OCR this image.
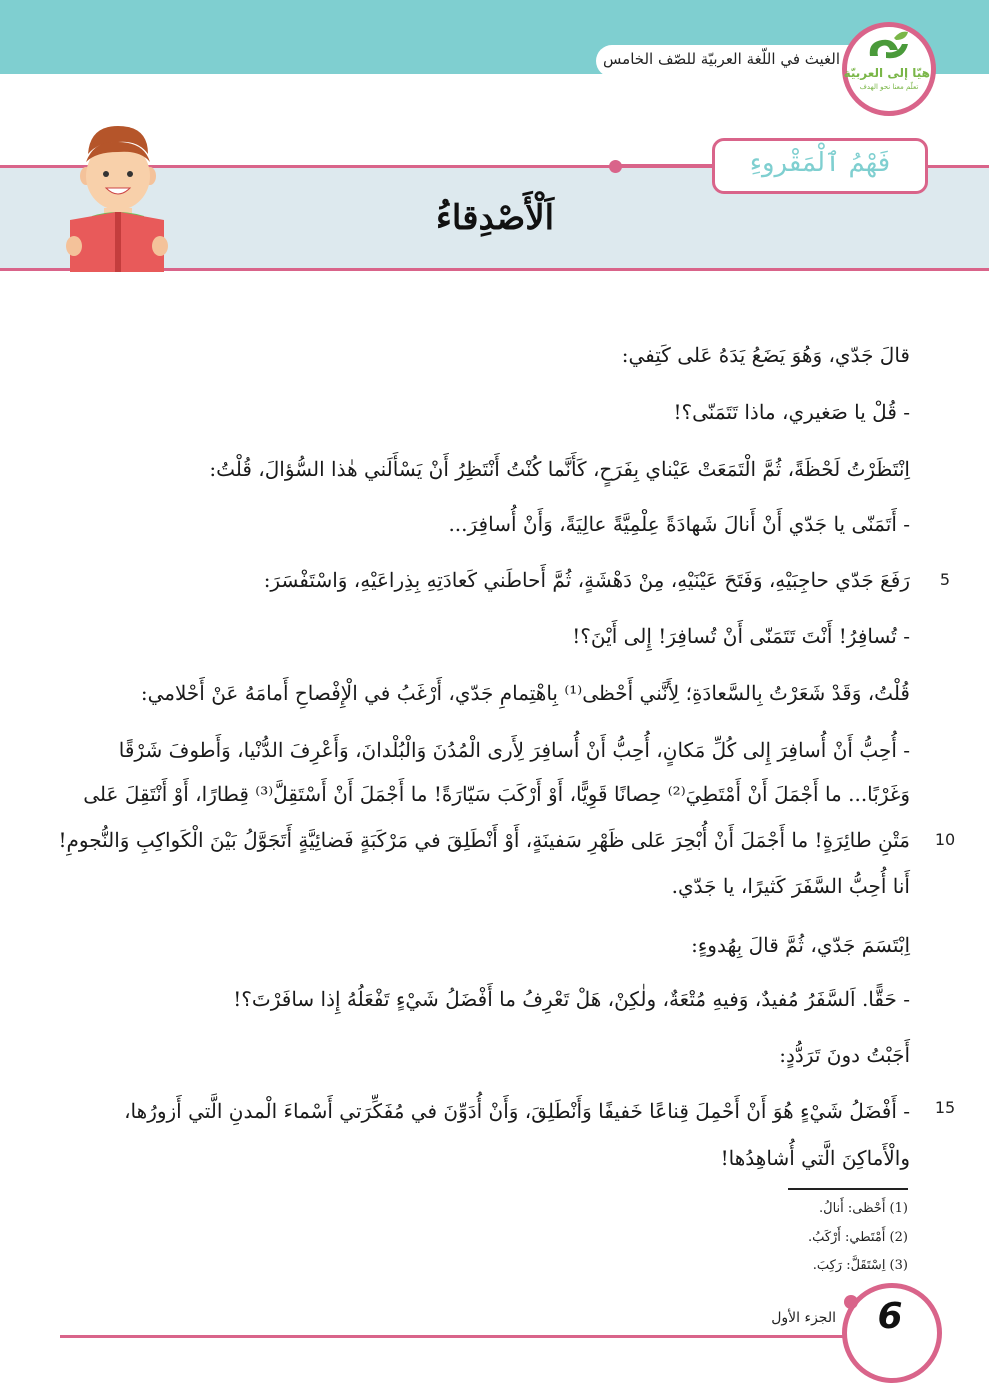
الغيث في اللّغة العربيّة للصّف الخامس
هيّا إلى العربيّة
تعلّم معنا نحو الهدف
فَهْمُ ٱلْمَقْروءِ
اَلْأَصْدِقاءُ
قالَ جَدّي، وَهُوَ يَضَعُ يَدَهُ عَلى كَتِفي:
- قُلْ يا صَغيري، ماذا تَتَمَنّى؟!
اِنْتَظَرْتُ لَحْظَةً، ثُمَّ الْتَمَعَتْ عَيْناي بِفَرَحٍ، كَأَنَّما كُنْتُ أَنْتَظِرُ أَنْ يَسْأَلَني هٰذا السُّؤالَ، قُلْتُ:
- أَتَمَنّى يا جَدّي أَنْ أَنالَ شَهادَةً عِلْمِيَّةً عالِيَةً، وَأَنْ أُسافِرَ...
رَفَعَ جَدّي حاجِبَيْهِ، وَفَتَحَ عَيْنَيْهِ، مِنْ دَهْشَةٍ، ثُمَّ أَحاطَني كَعادَتِهِ بِذِراعَيْهِ، وَاسْتَفْسَرَ:	5
- تُسافِرُ! أَنْتَ تَتَمَنّى أَنْ تُسافِرَ! إِلى أَيْنَ؟!
قُلْتُ، وَقَدْ شَعَرْتُ بِالسَّعادَةِ؛ لِأَنَّني أَحْظى⁽¹⁾ بِاهْتِمامِ جَدّي، أَرْغَبُ في الْإِفْصاحِ أَمامَهُ عَنْ أَحْلامي:
- أُحِبُّ أَنْ أُسافِرَ إِلى كُلِّ مَكانٍ، أُحِبُّ أَنْ أُسافِرَ لِأَرى الْمُدُنَ وَالْبُلْدانَ، وَأَعْرِفَ الدُّنْيا، وَأَطوفَ شَرْقًا
وَغَرْبًا... ما أَجْمَلَ أَنْ أَمْتَطِيَ⁽²⁾ حِصانًا قَوِيًّا، أَوْ أَرْكَبَ سَيّارَةً! ما أَجْمَلَ أَنْ أَسْتَقِلَّ⁽³⁾ قِطارًا، أَوْ أَنْتَقِلَ عَلى
مَتْنِ طائِرَةٍ! ما أَجْمَلَ أَنْ أُبْحِرَ عَلى ظَهْرِ سَفينَةٍ، أَوْ أَنْطَلِقَ في مَرْكَبَةٍ فَضائِيَّةٍ أَتَجَوَّلُ بَيْنَ الْكَواكِبِ وَالنُّجومِ!	10
أَنا أُحِبُّ السَّفَرَ كَثيرًا، يا جَدّي.
اِبْتَسَمَ جَدّي، ثُمَّ قالَ بِهُدوءٍ:
- حَقًّا. اَلسَّفَرُ مُفيدٌ، وَفيهِ مُتْعَةٌ، ولٰكِنْ، هَلْ تَعْرِفُ ما أَفْضَلُ شَيْءٍ تَفْعَلُهُ إِذا سافَرْتَ؟!
أَجَبْتُ دونَ تَرَدُّدٍ:
- أَفْضَلُ شَيْءٍ هُوَ أَنْ أَحْمِلَ قِناعًا خَفيفًا وَأَنْطَلِقَ، وَأَنْ أُدَوِّنَ في مُفَكِّرَتي أَسْماءَ الْمدنِ الَّتي أَزورُها،	15
والْأَماكِنَ الَّتي أُشاهِدُها!
(1) أَحْظى: أَنالُ.
(2) أَمْتَطي: أَرْكَبُ.
(3) اِسْتَقَلَّ: رَكِبَ.
6
الجزء الأول
